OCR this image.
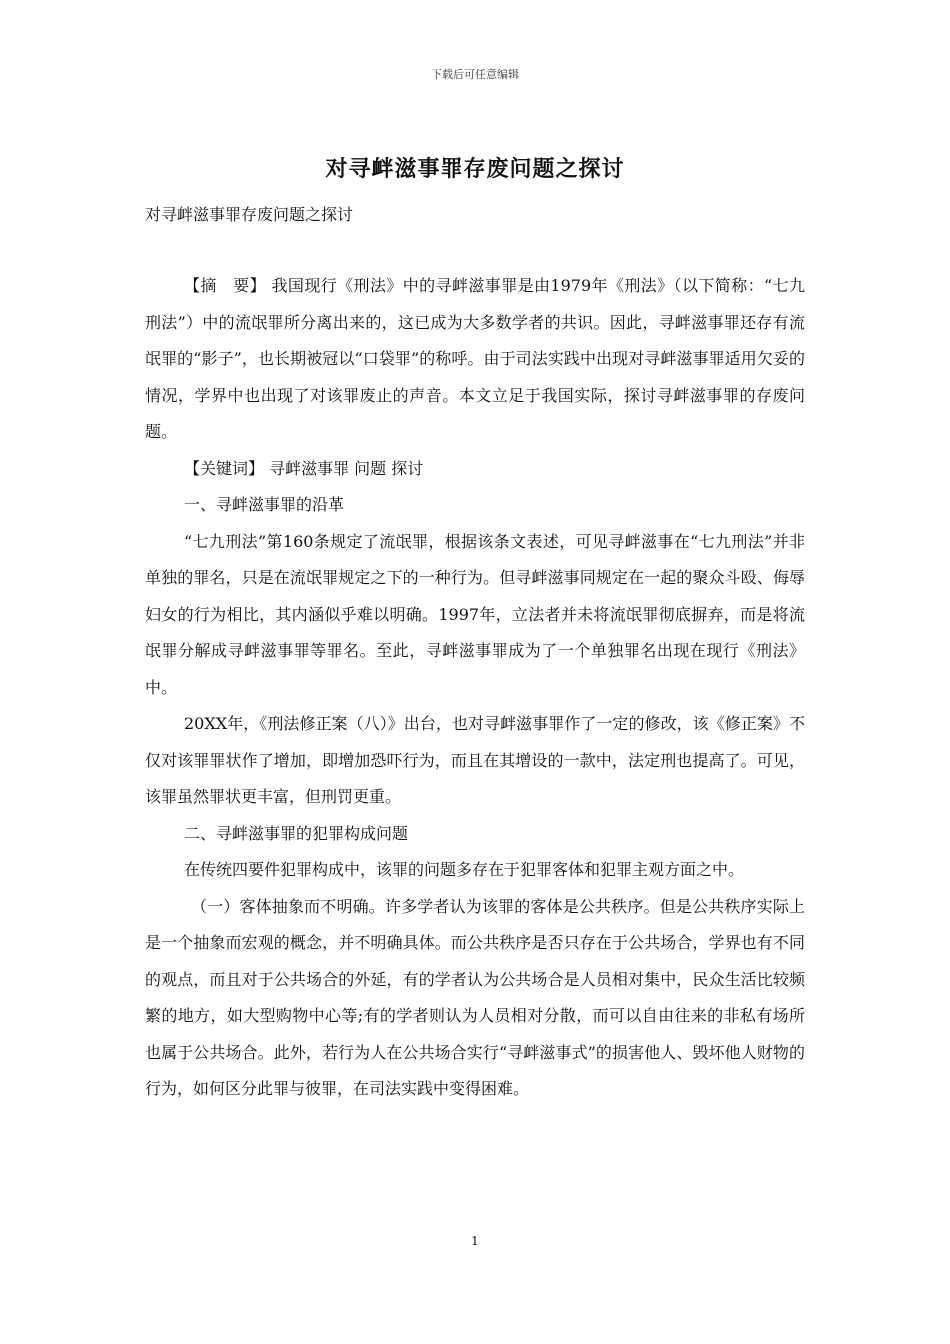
下载后可任意编辑
对寻衅滋事罪存废问题之探讨
对寻衅滋事罪存废问题之探讨

【摘　要】 我国现行《刑法》中的寻衅滋事罪是由1979年《刑法》（以下简称：“七九刑法”）中的流氓罪所分离出来的，这已成为大多数学者的共识。因此，寻衅滋事罪还存有流氓罪的“影子”，也长期被冠以“口袋罪”的称呼。由于司法实践中出现对寻衅滋事罪适用欠妥的情况，学界中也出现了对该罪废止的声音。本文立足于我国实际，探讨寻衅滋事罪的存废问题。

【关键词】 寻衅滋事罪 问题 探讨

一、寻衅滋事罪的沿革

“七九刑法”第160条规定了流氓罪，根据该条文表述，可见寻衅滋事在“七九刑法”并非单独的罪名，只是在流氓罪规定之下的一种行为。但寻衅滋事同规定在一起的聚众斗殴、侮辱妇女的行为相比，其内涵似乎难以明确。1997年，立法者并未将流氓罪彻底摒弃，而是将流氓罪分解成寻衅滋事罪等罪名。至此，寻衅滋事罪成为了一个单独罪名出现在现行《刑法》中。

20XX年，《刑法修正案（八）》出台，也对寻衅滋事罪作了一定的修改，该《修正案》不仅对该罪罪状作了增加，即增加恐吓行为，而且在其增设的一款中，法定刑也提高了。可见，该罪虽然罪状更丰富，但刑罚更重。

二、寻衅滋事罪的犯罪构成问题

在传统四要件犯罪构成中，该罪的问题多存在于犯罪客体和犯罪主观方面之中。

（一）客体抽象而不明确。许多学者认为该罪的客体是公共秩序。但是公共秩序实际上是一个抽象而宏观的概念，并不明确具体。而公共秩序是否只存在于公共场合，学界也有不同的观点，而且对于公共场合的外延，有的学者认为公共场合是人员相对集中，民众生活比较频繁的地方，如大型购物中心等;有的学者则认为人员相对分散，而可以自由往来的非私有场所也属于公共场合。此外，若行为人在公共场合实行“寻衅滋事式”的损害他人、毁坏他人财物的行为，如何区分此罪与彼罪，在司法实践中变得困难。

1
